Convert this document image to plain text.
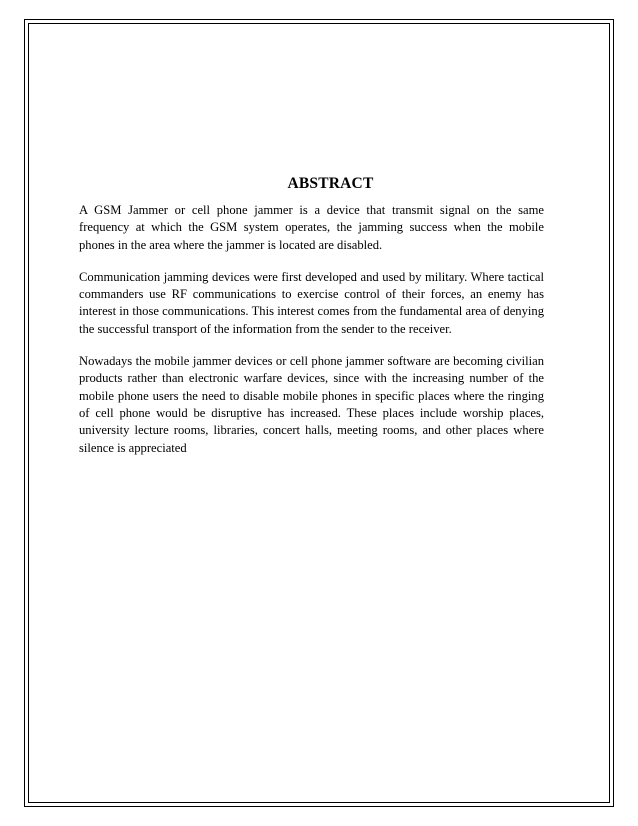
ABSTRACT

A GSM Jammer or cell phone jammer is a device that transmit signal on the same frequency at which the GSM system operates, the jamming success when the mobile phones in the area where the jammer is located are disabled.

Communication jamming devices were first developed and used by military. Where tactical commanders use RF communications to exercise control of their forces, an enemy has interest in those communications. This interest comes from the fundamental area of denying the successful transport of the information from the sender to the receiver.

Nowadays the mobile jammer devices or cell phone jammer software are becoming civilian products rather than electronic warfare devices, since with the increasing number of the mobile phone users the need to disable mobile phones in specific places where the ringing of cell phone would be disruptive has increased. These places include worship places, university lecture rooms, libraries, concert halls, meeting rooms, and other places where silence is appreciated
